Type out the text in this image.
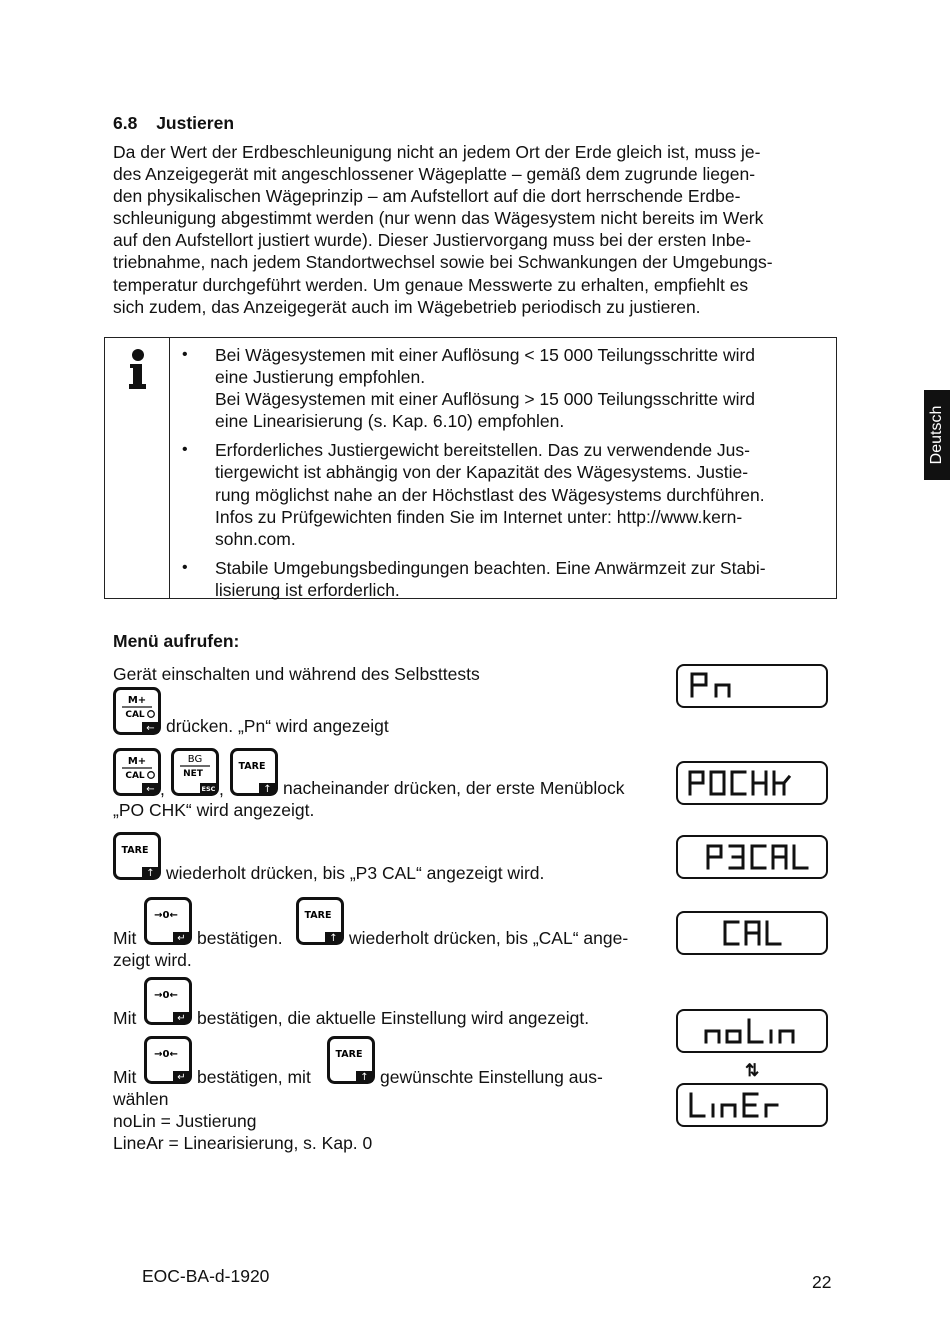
6.8 Justieren
Da der Wert der Erdbeschleunigung nicht an jedem Ort der Erde gleich ist, muss je-
des Anzeigegerät mit angeschlossener Wägeplatte – gemäß dem zugrunde liegen-
den physikalischen Wägeprinzip – am Aufstellort auf die dort herrschende Erdbe-
schleunigung abgestimmt werden (nur wenn das Wägesystem nicht bereits im Werk
auf den Aufstellort justiert wurde). Dieser Justiervorgang muss bei der ersten Inbe-
triebnahme, nach jedem Standortwechsel sowie bei Schwankungen der Umgebungs-
temperatur durchgeführt werden. Um genaue Messwerte zu erhalten, empfiehlt es
sich zudem, das Anzeigegerät auch im Wägebetrieb periodisch zu justieren.
• Bei Wägesystemen mit einer Auflösung < 15 000 Teilungsschritte wird
eine Justierung empfohlen.
Bei Wägesystemen mit einer Auflösung > 15 000 Teilungsschritte wird
eine Linearisierung (s. Kap. 6.10) empfohlen.
• Erforderliches Justiergewicht bereitstellen. Das zu verwendende Jus-
tiergewicht ist abhängig von der Kapazität des Wägesystems. Justie-
rung möglichst nahe an der Höchstlast des Wägesystems durchführen.
Infos zu Prüfgewichten finden Sie im Internet unter: http://www.kern-
sohn.com.
• Stabile Umgebungsbedingungen beachten. Eine Anwärmzeit zur Stabi-
lisierung ist erforderlich.
Menü aufrufen:
Gerät einschalten und während des Selbsttests
M+
CAL
← drücken. „Pn“ wird angezeigt
M+
CAL
← ,
BG
NET
ESC ,
TARE
↑ nacheinander drücken, der erste Menüblock
„PO CHK“ wird angezeigt.
TARE
↑ wiederholt drücken, bis „P3 CAL“ angezeigt wird.
Mit
→0←
↵ bestätigen.
TARE
↑ wiederholt drücken, bis „CAL“ ange-
zeigt wird.
Mit
→0←
↵ bestätigen, die aktuelle Einstellung wird angezeigt.
Mit
→0←
↵ bestätigen, mit
TARE
↑ gewünschte Einstellung aus-
wählen
noLin = Justierung
LineAr = Linearisierung, s. Kap. 0
⇅
Deutsch
EOC-BA-d-1920	22
